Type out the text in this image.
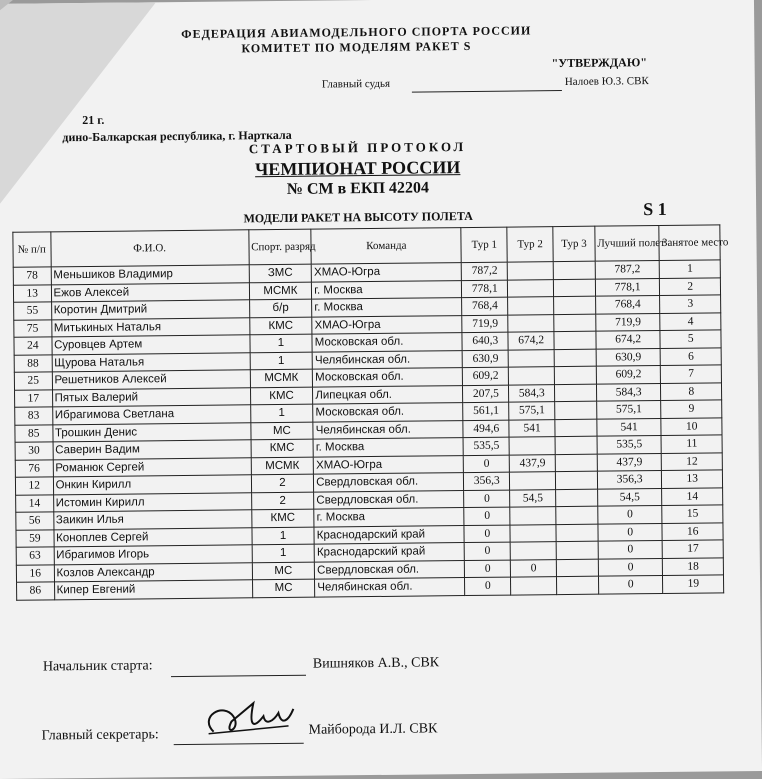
ФЕДЕРАЦИЯ АВИАМОДЕЛЬНОГО СПОРТА РОССИИ
КОМИТЕТ ПО МОДЕЛЯМ РАКЕТ S
"УТВЕРЖДАЮ"
Главный судья	Налоев Ю.З. СВК
21 г.
дино-Балкарская республика, г. Нарткала
СТАРТОВЫЙ ПРОТОКОЛ
ЧЕМПИОНАТ РОССИИ
№ СМ в ЕКП 42204
МОДЕЛИ РАКЕТ НА ВЫСОТУ ПОЛЕТА	S 1
№ п/п	Ф.И.О.	Спорт. разряд	Команда	Тур 1	Тур 2	Тур 3	Лучший полет	Занятое место
78	Меньшиков Владимир	ЗМС	ХМАО-Югра	787,2			787,2	1
13	Ежов Алексей	МСМК	г. Москва	778,1			778,1	2
55	Коротин Дмитрий	б/р	г. Москва	768,4			768,4	3
75	Митькиных Наталья	КМС	ХМАО-Югра	719,9			719,9	4
24	Суровцев Артем	1	Московская обл.	640,3	674,2		674,2	5
88	Щурова Наталья	1	Челябинская обл.	630,9			630,9	6
25	Решетников Алексей	МСМК	Московская обл.	609,2			609,2	7
17	Пятых Валерий	КМС	Липецкая обл.	207,5	584,3		584,3	8
83	Ибрагимова Светлана	1	Московская обл.	561,1	575,1		575,1	9
85	Трошкин Денис	МС	Челябинская обл.	494,6	541		541	10
30	Саверин Вадим	КМС	г. Москва	535,5			535,5	11
76	Романюк Сергей	МСМК	ХМАО-Югра	0	437,9		437,9	12
12	Онкин Кирилл	2	Свердловская обл.	356,3			356,3	13
14	Истомин Кирилл	2	Свердловская обл.	0	54,5		54,5	14
56	Заикин Илья	КМС	г. Москва	0			0	15
59	Коноплев Сергей	1	Краснодарский край	0			0	16
63	Ибрагимов Игорь	1	Краснодарский край	0			0	17
16	Козлов Александр	МС	Свердловская обл.	0	0		0	18
86	Кипер Евгений	МС	Челябинская обл.	0			0	19
Начальник старта:	Вишняков А.В., СВК
Главный секретарь:	Майборода И.Л. СВК
